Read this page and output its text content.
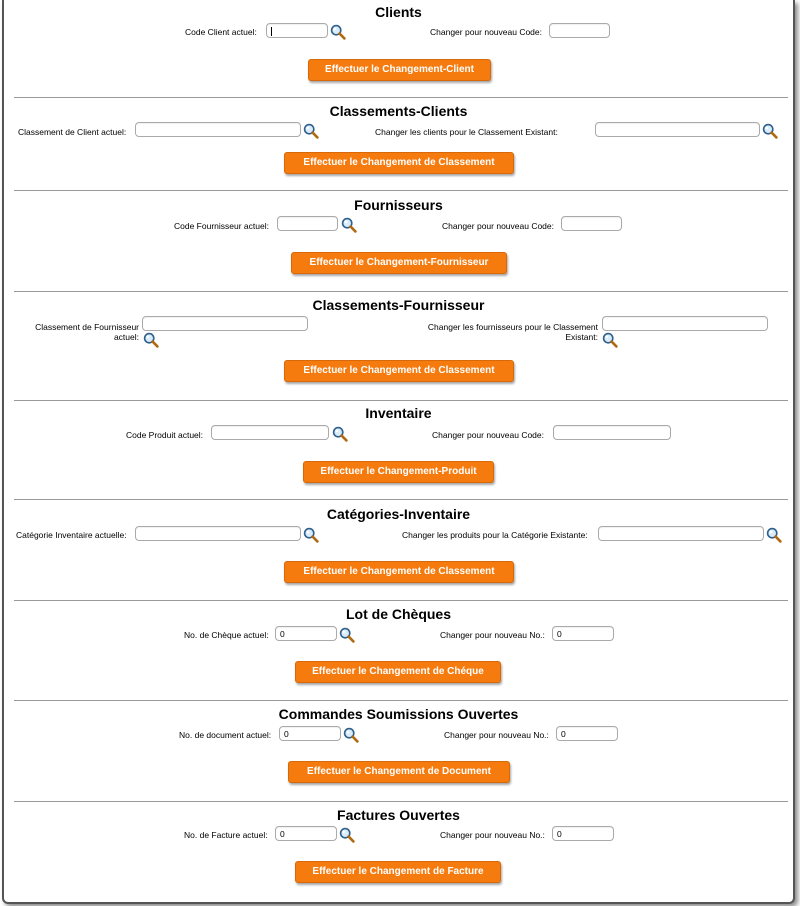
Clients
Code Client actuel:	Changer pour nouveau Code:
Effectuer le Changement-Client
Classements-Clients
Classement de Client actuel:	Changer les clients pour le Classement Existant:
Effectuer le Changement de Classement
Fournisseurs
Code Fournisseur actuel:	Changer pour nouveau Code:
Effectuer le Changement-Fournisseur
Classements-Fournisseur
Classement de Fournisseur actuel:
Changer les fournisseurs pour le Classement Existant:
Effectuer le Changement de Classement
Inventaire
Code Produit actuel:	Changer pour nouveau Code:
Effectuer le Changement-Produit
Catégories-Inventaire
Catégorie Inventaire actuelle:	Changer les produits pour la Catégorie Existante:
Effectuer le Changement de Classement
Lot de Chèques
No. de Chèque actuel:	0	Changer pour nouveau No.:	0
Effectuer le Changement de Chéque
Commandes Soumissions Ouvertes
No. de document actuel:	0	Changer pour nouveau No.:	0
Effectuer le Changement de Document
Factures Ouvertes
No. de Facture actuel:	0	Changer pour nouveau No.:	0
Effectuer le Changement de Facture
